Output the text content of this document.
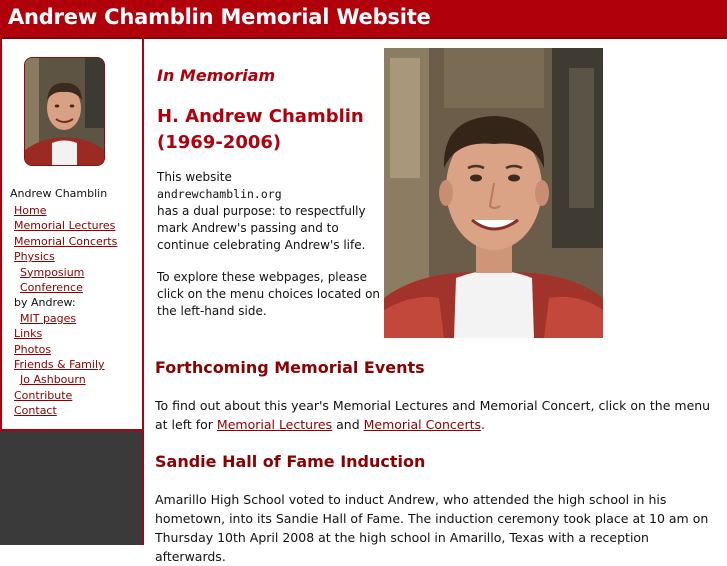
Andrew Chamblin Memorial Website
Andrew Chamblin
Home
Memorial Lectures
Memorial Concerts
Physics
Symposium
Conference
by Andrew:
MIT pages
Links
Photos
Friends & Family
Jo Ashbourn
Contribute
Contact
In Memoriam
H. Andrew Chamblin
(1969-2006)
This website
andrewchamblin.org
has a dual purpose: to respectfully mark Andrew's passing and to continue celebrating Andrew's life.
To explore these webpages, please click on the menu choices located on the left-hand side.
Forthcoming Memorial Events
To find out about this year's Memorial Lectures and Memorial Concert, click on the menu at left for Memorial Lectures and Memorial Concerts.
Sandie Hall of Fame Induction
Amarillo High School voted to induct Andrew, who attended the high school in his hometown, into its Sandie Hall of Fame. The induction ceremony took place at 10 am on Thursday 10th April 2008 at the high school in Amarillo, Texas with a reception afterwards.
